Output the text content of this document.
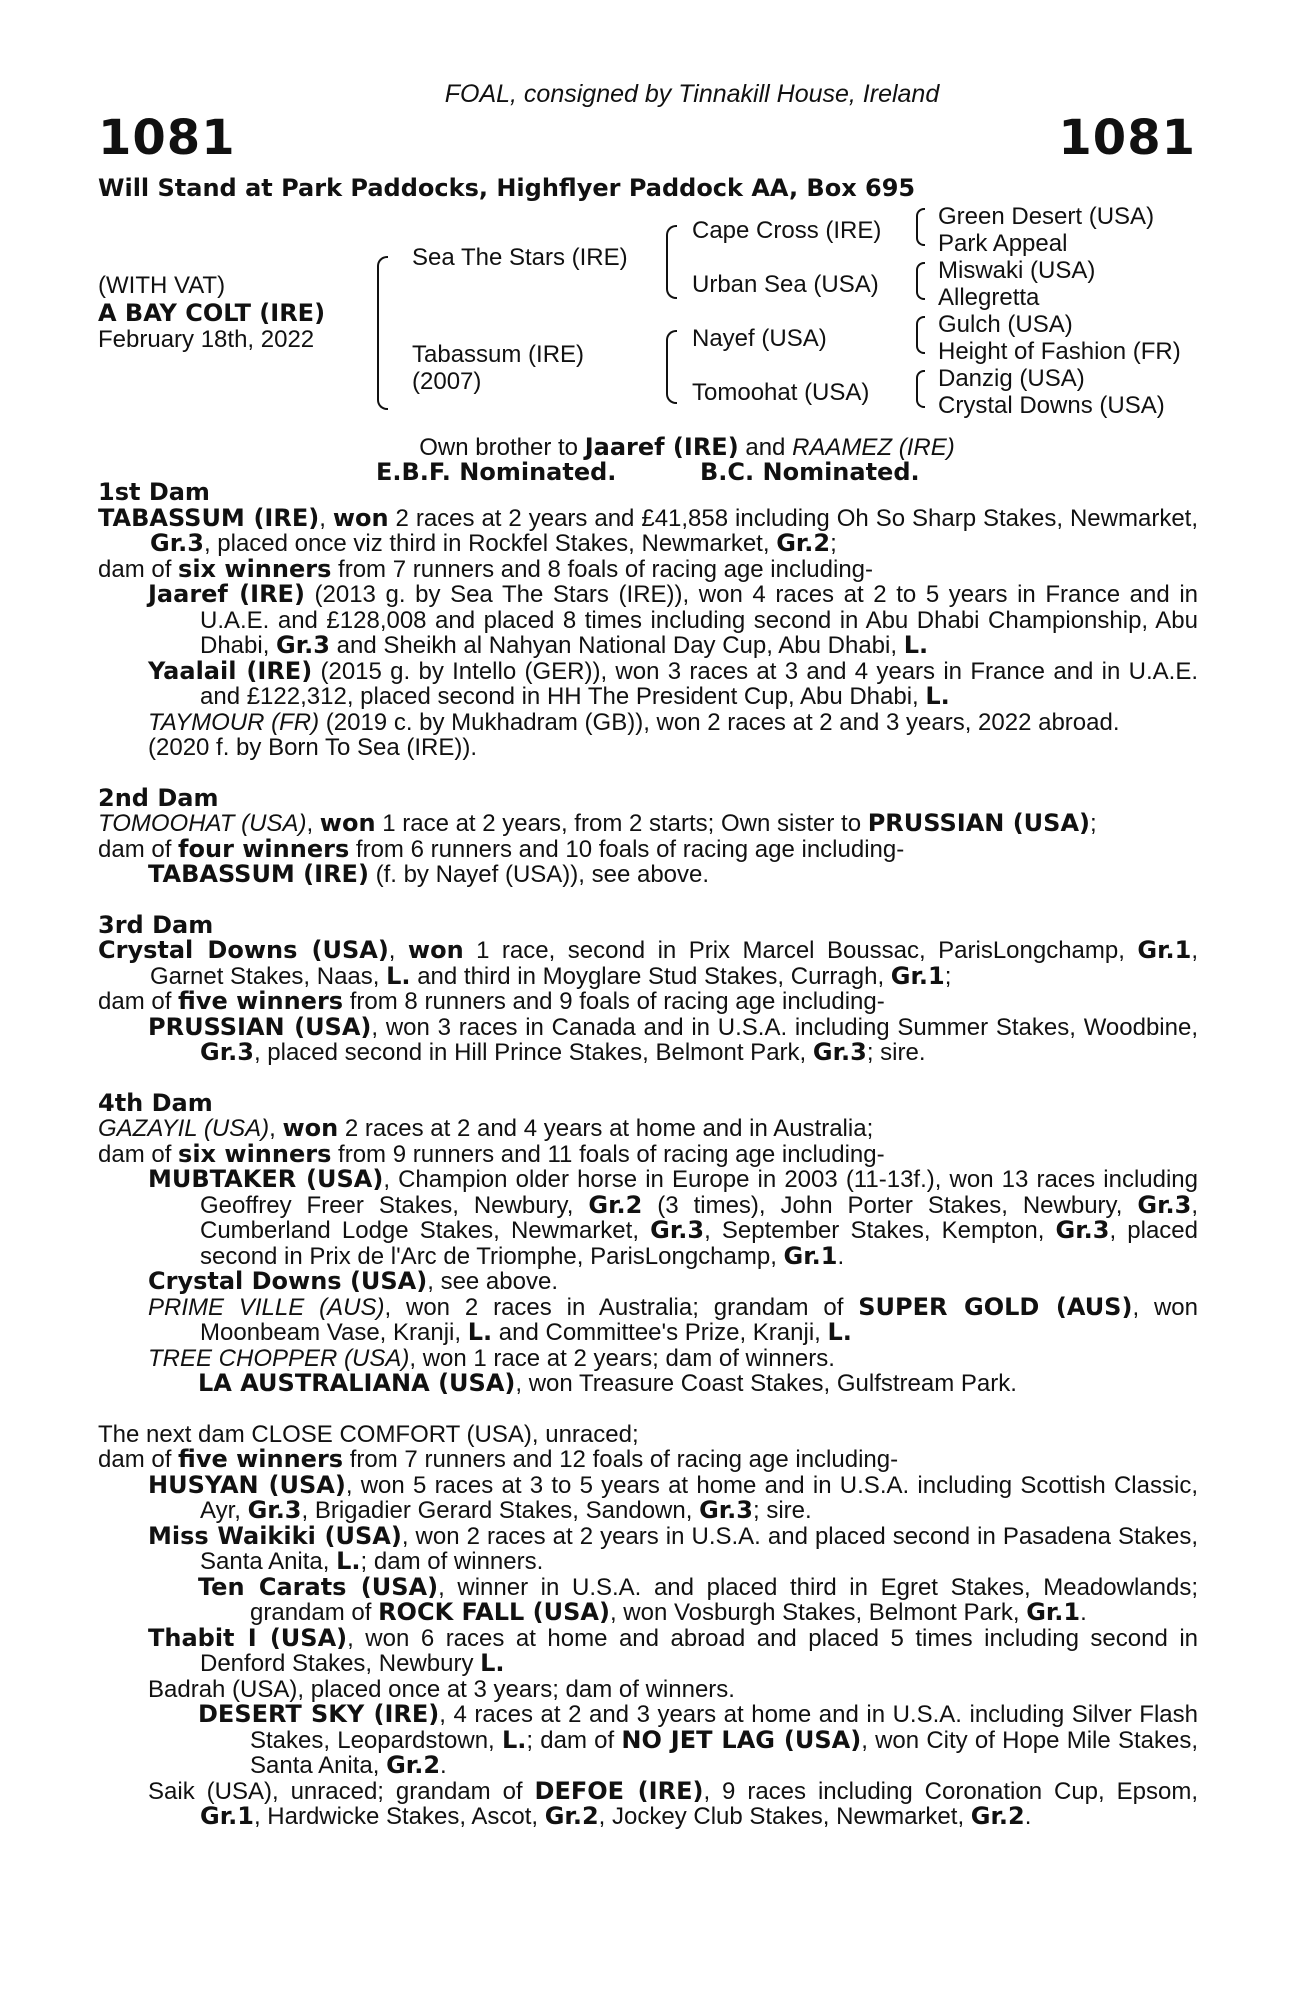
FOAL, consigned by Tinnakill House, Ireland
1081	1081
Will Stand at Park Paddocks, Highflyer Paddock AA, Box 695
(WITH VAT)
A BAY COLT (IRE)
February 18th, 2022
Sea The Stars (IRE)
Tabassum (IRE)
(2007)
Cape Cross (IRE)
Urban Sea (USA)
Nayef (USA)
Tomoohat (USA)
Green Desert (USA)
Park Appeal
Miswaki (USA)
Allegretta
Gulch (USA)
Height of Fashion (FR)
Danzig (USA)
Crystal Downs (USA)
Own brother to Jaaref (IRE) and RAAMEZ (IRE)
E.B.F. Nominated.	B.C. Nominated.
1st Dam
TABASSUM (IRE), won 2 races at 2 years and £41,858 including Oh So Sharp Stakes, Newmarket, Gr.3, placed once viz third in Rockfel Stakes, Newmarket, Gr.2;
dam of six winners from 7 runners and 8 foals of racing age including-
Jaaref (IRE) (2013 g. by Sea The Stars (IRE)), won 4 races at 2 to 5 years in France and in U.A.E. and £128,008 and placed 8 times including second in Abu Dhabi Championship, Abu Dhabi, Gr.3 and Sheikh al Nahyan National Day Cup, Abu Dhabi, L.
Yaalail (IRE) (2015 g. by Intello (GER)), won 3 races at 3 and 4 years in France and in U.A.E. and £122,312, placed second in HH The President Cup, Abu Dhabi, L.
TAYMOUR (FR) (2019 c. by Mukhadram (GB)), won 2 races at 2 and 3 years, 2022 abroad.
(2020 f. by Born To Sea (IRE)).
2nd Dam
TOMOOHAT (USA), won 1 race at 2 years, from 2 starts; Own sister to PRUSSIAN (USA);
dam of four winners from 6 runners and 10 foals of racing age including-
TABASSUM (IRE) (f. by Nayef (USA)), see above.
3rd Dam
Crystal Downs (USA), won 1 race, second in Prix Marcel Boussac, ParisLongchamp, Gr.1, Garnet Stakes, Naas, L. and third in Moyglare Stud Stakes, Curragh, Gr.1;
dam of five winners from 8 runners and 9 foals of racing age including-
PRUSSIAN (USA), won 3 races in Canada and in U.S.A. including Summer Stakes, Woodbine, Gr.3, placed second in Hill Prince Stakes, Belmont Park, Gr.3; sire.
4th Dam
GAZAYIL (USA), won 2 races at 2 and 4 years at home and in Australia;
dam of six winners from 9 runners and 11 foals of racing age including-
MUBTAKER (USA), Champion older horse in Europe in 2003 (11-13f.), won 13 races including Geoffrey Freer Stakes, Newbury, Gr.2 (3 times), John Porter Stakes, Newbury, Gr.3, Cumberland Lodge Stakes, Newmarket, Gr.3, September Stakes, Kempton, Gr.3, placed second in Prix de l'Arc de Triomphe, ParisLongchamp, Gr.1.
Crystal Downs (USA), see above.
PRIME VILLE (AUS), won 2 races in Australia; grandam of SUPER GOLD (AUS), won Moonbeam Vase, Kranji, L. and Committee's Prize, Kranji, L.
TREE CHOPPER (USA), won 1 race at 2 years; dam of winners.
LA AUSTRALIANA (USA), won Treasure Coast Stakes, Gulfstream Park.
The next dam CLOSE COMFORT (USA), unraced;
dam of five winners from 7 runners and 12 foals of racing age including-
HUSYAN (USA), won 5 races at 3 to 5 years at home and in U.S.A. including Scottish Classic, Ayr, Gr.3, Brigadier Gerard Stakes, Sandown, Gr.3; sire.
Miss Waikiki (USA), won 2 races at 2 years in U.S.A. and placed second in Pasadena Stakes, Santa Anita, L.; dam of winners.
Ten Carats (USA), winner in U.S.A. and placed third in Egret Stakes, Meadowlands; grandam of ROCK FALL (USA), won Vosburgh Stakes, Belmont Park, Gr.1.
Thabit I (USA), won 6 races at home and abroad and placed 5 times including second in Denford Stakes, Newbury L.
Badrah (USA), placed once at 3 years; dam of winners.
DESERT SKY (IRE), 4 races at 2 and 3 years at home and in U.S.A. including Silver Flash Stakes, Leopardstown, L.; dam of NO JET LAG (USA), won City of Hope Mile Stakes, Santa Anita, Gr.2.
Saik (USA), unraced; grandam of DEFOE (IRE), 9 races including Coronation Cup, Epsom, Gr.1, Hardwicke Stakes, Ascot, Gr.2, Jockey Club Stakes, Newmarket, Gr.2.
